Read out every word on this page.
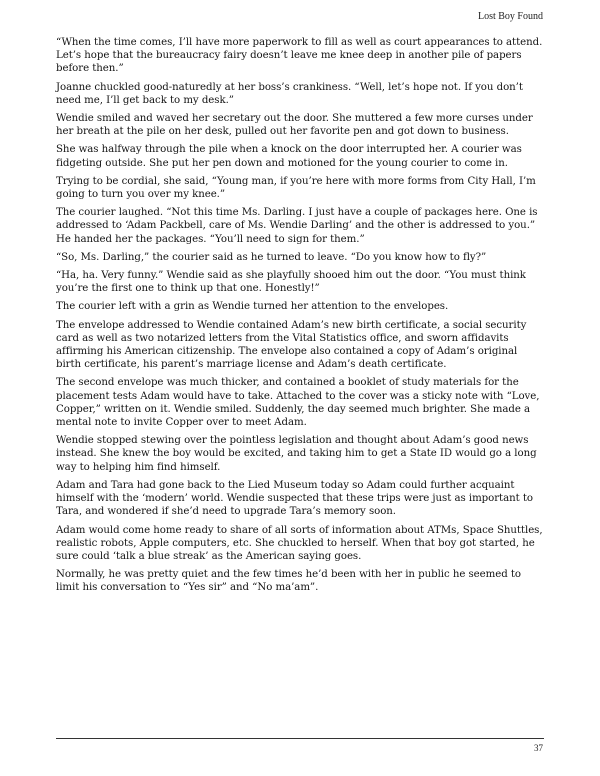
Lost Boy Found

“When the time comes, I’ll have more paperwork to fill as well as court appearances to attend. Let’s hope that the bureaucracy fairy doesn’t leave me knee deep in another pile of papers before then.”

Joanne chuckled good-naturedly at her boss’s crankiness. “Well, let’s hope not. If you don’t need me, I’ll get back to my desk.”

Wendie smiled and waved her secretary out the door. She muttered a few more curses under her breath at the pile on her desk, pulled out her favorite pen and got down to business.

She was halfway through the pile when a knock on the door interrupted her. A courier was fidgeting outside. She put her pen down and motioned for the young courier to come in.

Trying to be cordial, she said, “Young man, if you’re here with more forms from City Hall, I’m going to turn you over my knee.”

The courier laughed. “Not this time Ms. Darling. I just have a couple of packages here. One is addressed to ‘Adam Packbell, care of Ms. Wendie Darling’ and the other is addressed to you.” He handed her the packages. “You’ll need to sign for them.”

“So, Ms. Darling,” the courier said as he turned to leave. “Do you know how to fly?”

“Ha, ha. Very funny.” Wendie said as she playfully shooed him out the door. “You must think you’re the first one to think up that one. Honestly!”

The courier left with a grin as Wendie turned her attention to the envelopes.

The envelope addressed to Wendie contained Adam’s new birth certificate, a social security card as well as two notarized letters from the Vital Statistics office, and sworn affidavits affirming his American citizenship. The envelope also contained a copy of Adam’s original birth certificate, his parent’s marriage license and Adam’s death certificate.

The second envelope was much thicker, and contained a booklet of study materials for the placement tests Adam would have to take. Attached to the cover was a sticky note with “Love, Copper,” written on it. Wendie smiled. Suddenly, the day seemed much brighter. She made a mental note to invite Copper over to meet Adam.

Wendie stopped stewing over the pointless legislation and thought about Adam’s good news instead. She knew the boy would be excited, and taking him to get a State ID would go a long way to helping him find himself.

Adam and Tara had gone back to the Lied Museum today so Adam could further acquaint himself with the ‘modern’ world. Wendie suspected that these trips were just as important to Tara, and wondered if she’d need to upgrade Tara’s memory soon.

Adam would come home ready to share of all sorts of information about ATMs, Space Shuttles, realistic robots, Apple computers, etc. She chuckled to herself. When that boy got started, he sure could ‘talk a blue streak’ as the American saying goes.

Normally, he was pretty quiet and the few times he’d been with her in public he seemed to limit his conversation to “Yes sir” and “No ma’am”.

37
